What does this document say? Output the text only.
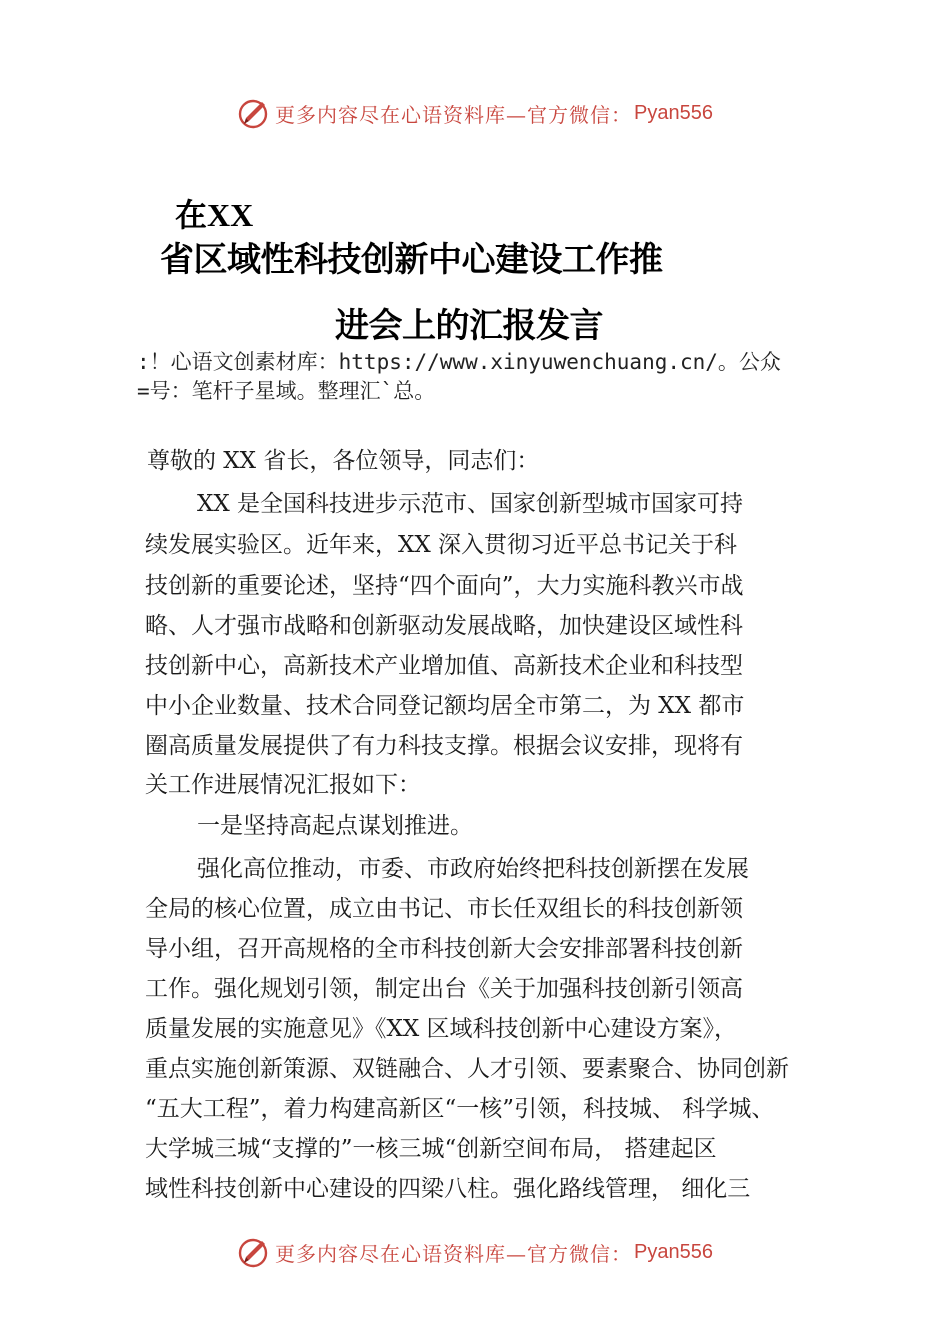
更多内容尽在心语资料库—官方微信： Pyan556
在XX
省区域性科技创新中心建设工作推
进会上的汇报发言
:！心语文创素材库：https://www.xinyuwenchuang.cn/。公众
=号：笔杆子星域。整理汇`总。
尊敬的 XX 省长，各位领导，同志们：
XX 是全国科技进步示范市、国家创新型城市国家可持
续发展实验区。近年来，XX 深入贯彻习近平总书记关于科
技创新的重要论述，坚持“四个面向”，大力实施科教兴市战
略、人才强市战略和创新驱动发展战略，加快建设区域性科
技创新中心，高新技术产业增加值、高新技术企业和科技型
中小企业数量、技术合同登记额均居全市第二，为 XX 都市
圈高质量发展提供了有力科技支撑。根据会议安排，现将有
关工作进展情况汇报如下：
一是坚持高起点谋划推进。
强化高位推动，市委、市政府始终把科技创新摆在发展
全局的核心位置，成立由书记、市长任双组长的科技创新领
导小组，召开高规格的全市科技创新大会安排部署科技创新
工作。强化规划引领，制定出台《关于加强科技创新引领高
质量发展的实施意见》《XX 区域科技创新中心建设方案》，
重点实施创新策源、双链融合、人才引领、要素聚合、协同创新
“五大工程”，着力构建高新区“一核”引领，科技城、 科学城、
大学城三城“支撑的”一核三城“创新空间布局， 搭建起区
域性科技创新中心建设的四梁八柱。强化路线管理， 细化三
更多内容尽在心语资料库—官方微信： Pyan556
